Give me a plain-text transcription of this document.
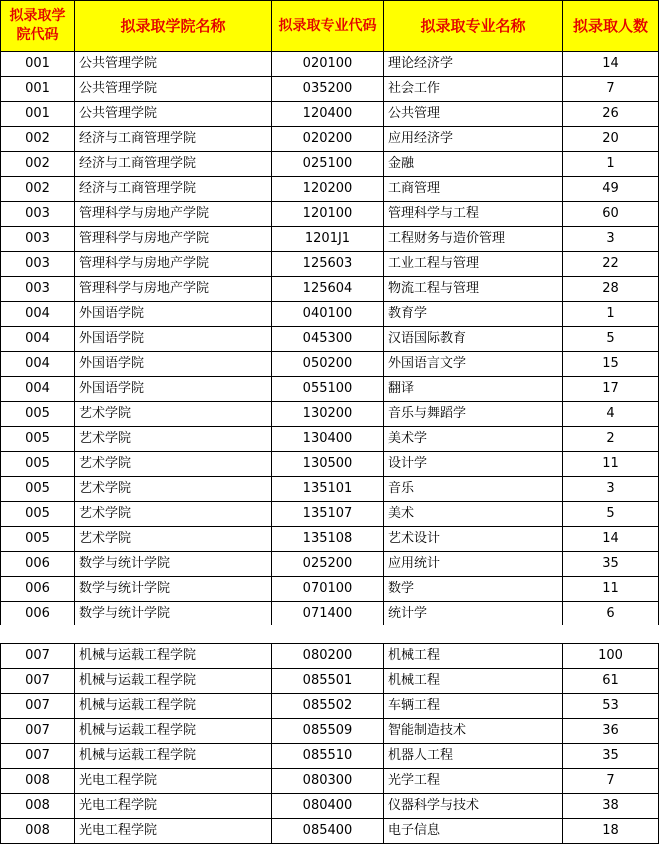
拟录取学院代码	拟录取学院名称	拟录取专业代码	拟录取专业名称	拟录取人数
001	公共管理学院	020100	理论经济学	14
001	公共管理学院	035200	社会工作	7
001	公共管理学院	120400	公共管理	26
002	经济与工商管理学院	020200	应用经济学	20
002	经济与工商管理学院	025100	金融	1
002	经济与工商管理学院	120200	工商管理	49
003	管理科学与房地产学院	120100	管理科学与工程	60
003	管理科学与房地产学院	1201J1	工程财务与造价管理	3
003	管理科学与房地产学院	125603	工业工程与管理	22
003	管理科学与房地产学院	125604	物流工程与管理	28
004	外国语学院	040100	教育学	1
004	外国语学院	045300	汉语国际教育	5
004	外国语学院	050200	外国语言文学	15
004	外国语学院	055100	翻译	17
005	艺术学院	130200	音乐与舞蹈学	4
005	艺术学院	130400	美术学	2
005	艺术学院	130500	设计学	11
005	艺术学院	135101	音乐	3
005	艺术学院	135107	美术	5
005	艺术学院	135108	艺术设计	14
006	数学与统计学院	025200	应用统计	35
006	数学与统计学院	070100	数学	11
006	数学与统计学院	071400	统计学	6
007	机械与运载工程学院	080200	机械工程	100
007	机械与运载工程学院	085501	机械工程	61
007	机械与运载工程学院	085502	车辆工程	53
007	机械与运载工程学院	085509	智能制造技术	36
007	机械与运载工程学院	085510	机器人工程	35
008	光电工程学院	080300	光学工程	7
008	光电工程学院	080400	仪器科学与技术	38
008	光电工程学院	085400	电子信息	18
